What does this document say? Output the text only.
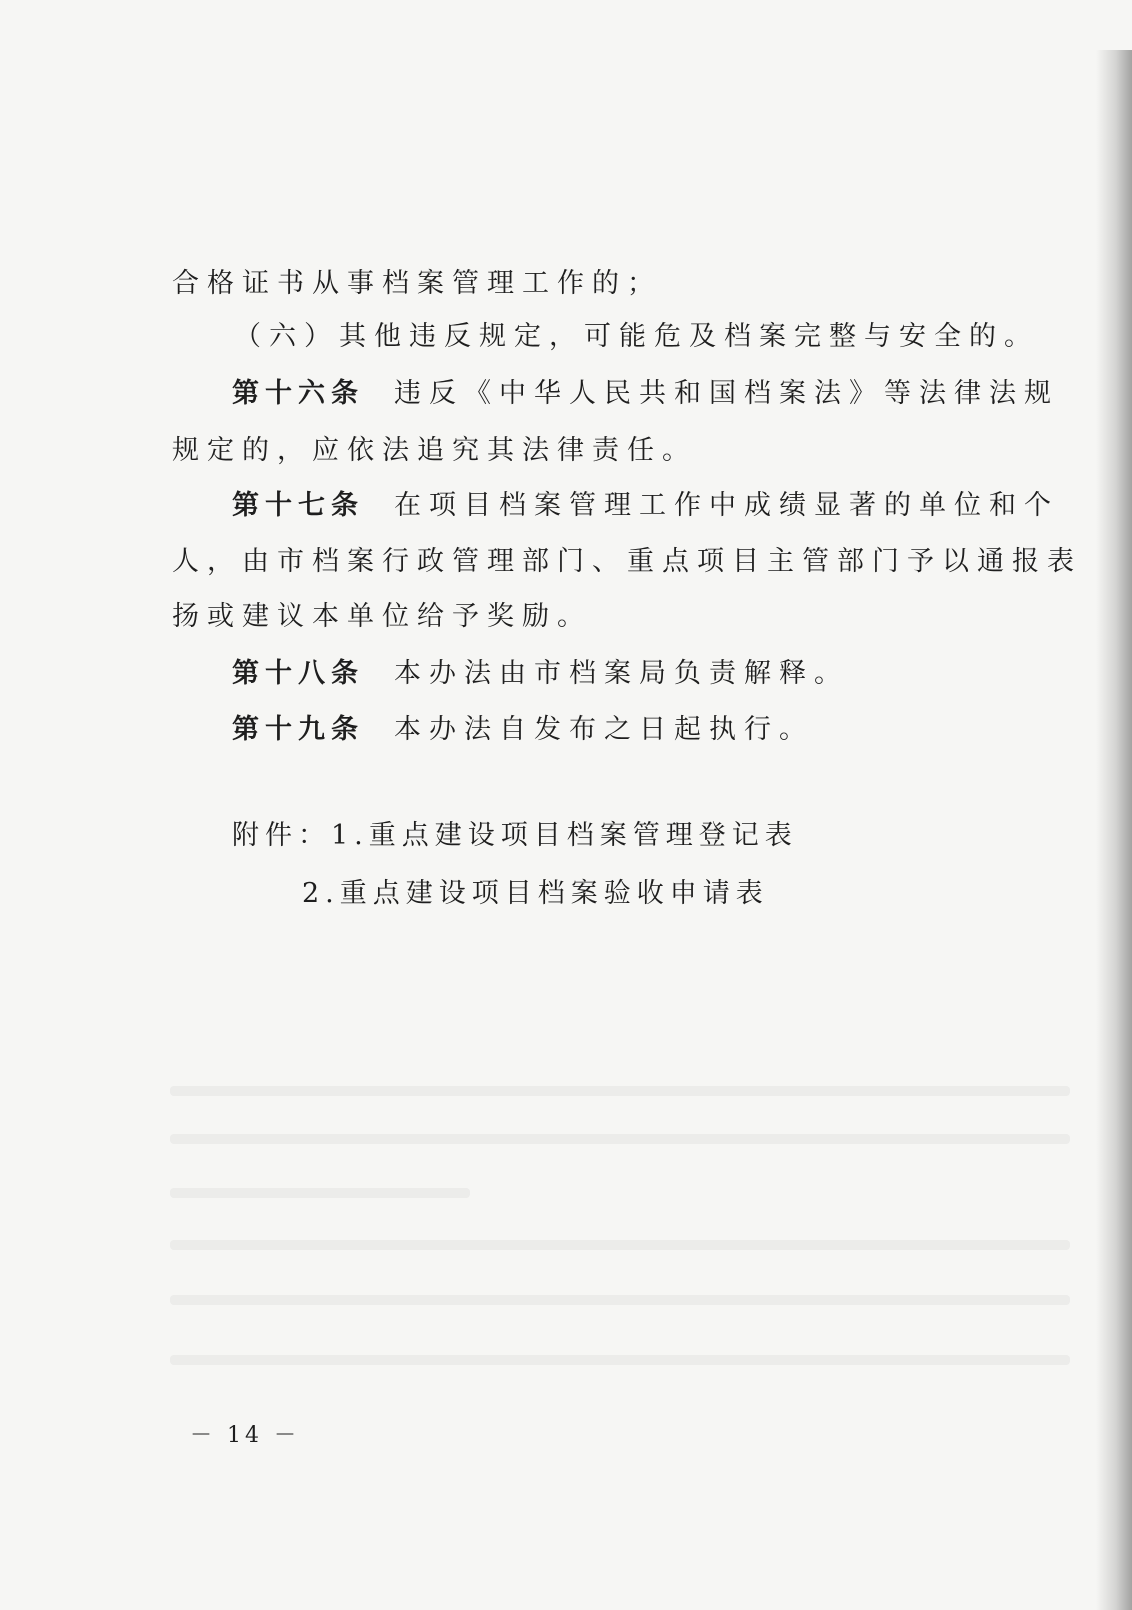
合格证书从事档案管理工作的；
（六）其他违反规定，可能危及档案完整与安全的。
第十六条 违反《中华人民共和国档案法》等法律法规
规定的，应依法追究其法律责任。
第十七条 在项目档案管理工作中成绩显著的单位和个
人，由市档案行政管理部门、重点项目主管部门予以通报表
扬或建议本单位给予奖励。
第十八条 本办法由市档案局负责解释。
第十九条 本办法自发布之日起执行。
附件：1.重点建设项目档案管理登记表
2.重点建设项目档案验收申请表
－ 14 －
